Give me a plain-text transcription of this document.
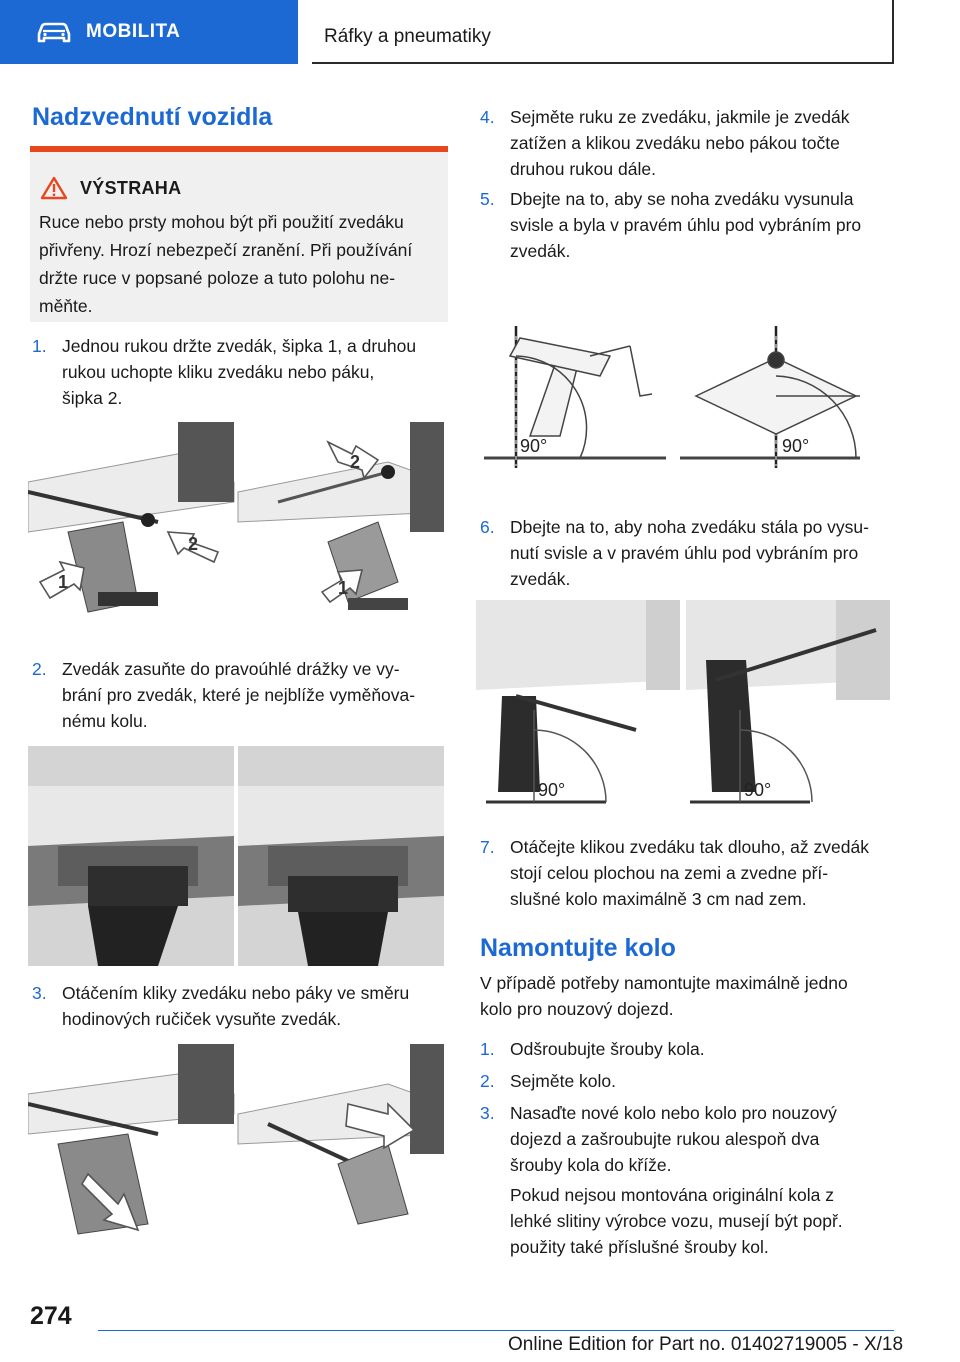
MOBILITA	Ráfky a pneumatiky
Nadzvednutí vozidla
VÝSTRAHA
Ruce nebo prsty mohou být při použití zvedáku
přivřeny. Hrozí nebezpečí zranění. Při používání
držte ruce v popsané poloze a tuto polohu ne-
měňte.
1. Jednou rukou držte zvedák, šipka 1, a druhou
rukou uchopte kliku zvedáku nebo páku,
šipka 2.
1
2
2
1
2. Zvedák zasuňte do pravoúhlé drážky ve vy-
brání pro zvedák, které je nejblíže vyměňova-
nému kolu.
3. Otáčením kliky zvedáku nebo páky ve směru
hodinových ručiček vysuňte zvedák.
4. Sejměte ruku ze zvedáku, jakmile je zvedák
zatížen a klikou zvedáku nebo pákou točte
druhou rukou dále.
5. Dbejte na to, aby se noha zvedáku vysunula
svisle a byla v pravém úhlu pod vybráním pro
zvedák.
90°	90°
6. Dbejte na to, aby noha zvedáku stála po vysu-
nutí svisle a v pravém úhlu pod vybráním pro
zvedák.
90°	90°
7. Otáčejte klikou zvedáku tak dlouho, až zvedák
stojí celou plochou na zemi a zvedne pří-
slušné kolo maximálně 3 cm nad zem.
Namontujte kolo
V případě potřeby namontujte maximálně jedno
kolo pro nouzový dojezd.
1. Odšroubujte šrouby kola.
2. Sejměte kolo.
3. Nasaďte nové kolo nebo kolo pro nouzový
dojezd a zašroubujte rukou alespoň dva
šrouby kola do kříže.
Pokud nejsou montována originální kola z
lehké slitiny výrobce vozu, musejí být popř.
použity také příslušné šrouby kol.
274
Online Edition for Part no. 01402719005 - X/18
